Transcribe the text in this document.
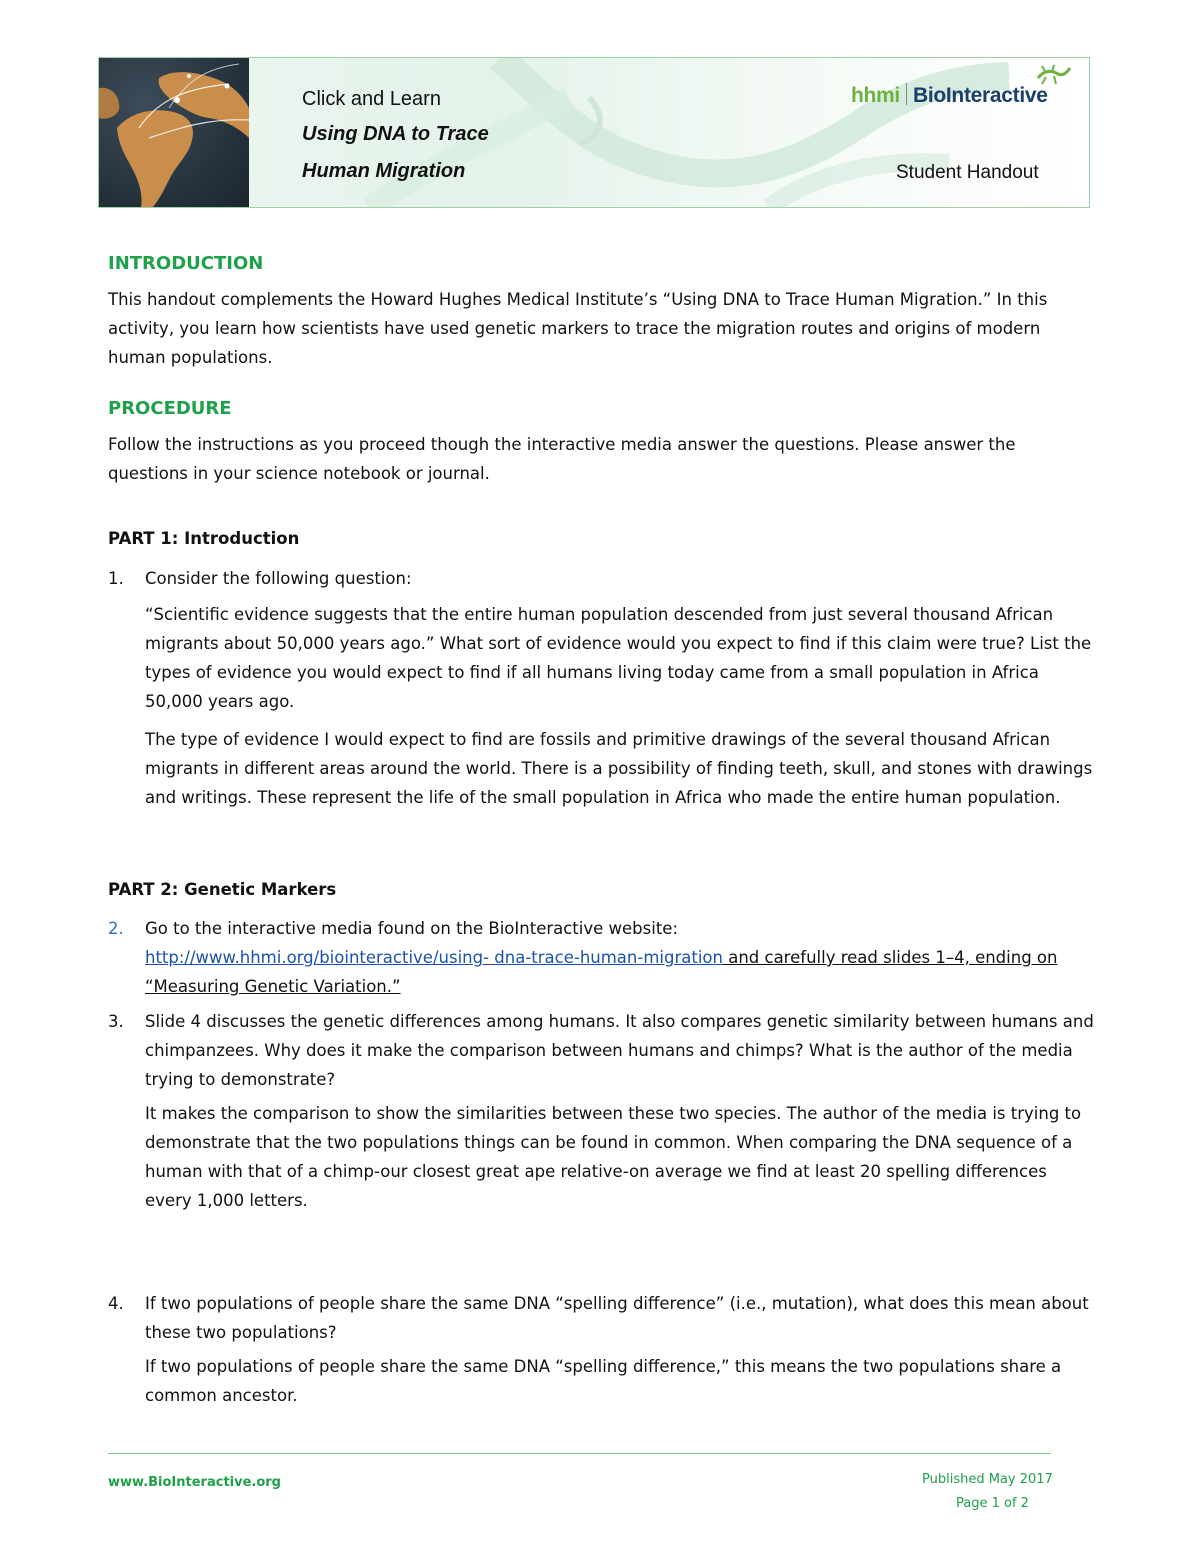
Click and Learn
Using DNA to Trace
Human Migration
hhmi BioInteractive
Student Handout
INTRODUCTION
This handout complements the Howard Hughes Medical Institute’s “Using DNA to Trace Human Migration.” In this activity, you learn how scientists have used genetic markers to trace the migration routes and origins of modern human populations.
PROCEDURE
Follow the instructions as you proceed though the interactive media answer the questions. Please answer the questions in your science notebook or journal.
PART 1: Introduction
1. Consider the following question:
“Scientific evidence suggests that the entire human population descended from just several thousand African migrants about 50,000 years ago.” What sort of evidence would you expect to find if this claim were true? List the types of evidence you would expect to find if all humans living today came from a small population in Africa 50,000 years ago.
The type of evidence I would expect to find are fossils and primitive drawings of the several thousand African migrants in different areas around the world. There is a possibility of finding teeth, skull, and stones with drawings and writings. These represent the life of the small population in Africa who made the entire human population.
PART 2: Genetic Markers
2. Go to the interactive media found on the BioInteractive website:
http://www.hhmi.org/biointeractive/using- dna-trace-human-migration and carefully read slides 1–4, ending on “Measuring Genetic Variation.”
3. Slide 4 discusses the genetic differences among humans. It also compares genetic similarity between humans and chimpanzees. Why does it make the comparison between humans and chimps? What is the author of the media trying to demonstrate?
It makes the comparison to show the similarities between these two species. The author of the media is trying to demonstrate that the two populations things can be found in common. When comparing the DNA sequence of a human with that of a chimp-our closest great ape relative-on average we find at least 20 spelling differences every 1,000 letters.
4. If two populations of people share the same DNA “spelling difference” (i.e., mutation), what does this mean about these two populations?
If two populations of people share the same DNA “spelling difference,” this means the two populations share a common ancestor.
www.BioInteractive.org	Published May 2017
Page 1 of 2
